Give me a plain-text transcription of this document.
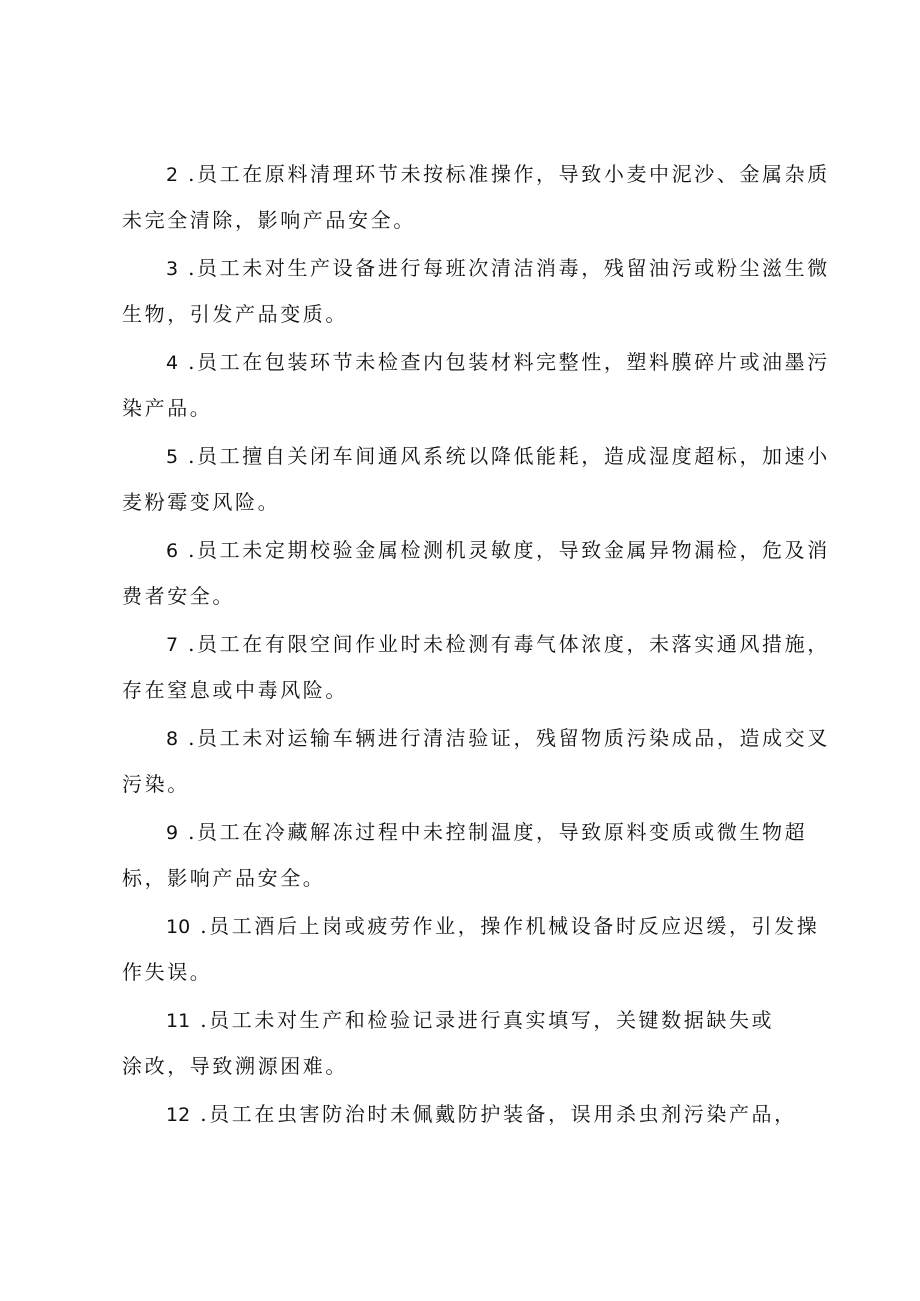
2 .员工在原料清理环节未按标准操作，导致小麦中泥沙、金属杂质
未完全清除，影响产品安全。
3 .员工未对生产设备进行每班次清洁消毒，残留油污或粉尘滋生微
生物，引发产品变质。
4 .员工在包装环节未检查内包装材料完整性，塑料膜碎片或油墨污
染产品。
5 .员工擅自关闭车间通风系统以降低能耗，造成湿度超标，加速小
麦粉霉变风险。
6 .员工未定期校验金属检测机灵敏度，导致金属异物漏检，危及消
费者安全。
7 .员工在有限空间作业时未检测有毒气体浓度，未落实通风措施，
存在窒息或中毒风险。
8 .员工未对运输车辆进行清洁验证，残留物质污染成品，造成交叉
污染。
9 .员工在冷藏解冻过程中未控制温度，导致原料变质或微生物超
标，影响产品安全。
10 .员工酒后上岗或疲劳作业，操作机械设备时反应迟缓，引发操
作失误。
11 .员工未对生产和检验记录进行真实填写，关键数据缺失或
涂改，导致溯源困难。
12 .员工在虫害防治时未佩戴防护装备，误用杀虫剂污染产品，
